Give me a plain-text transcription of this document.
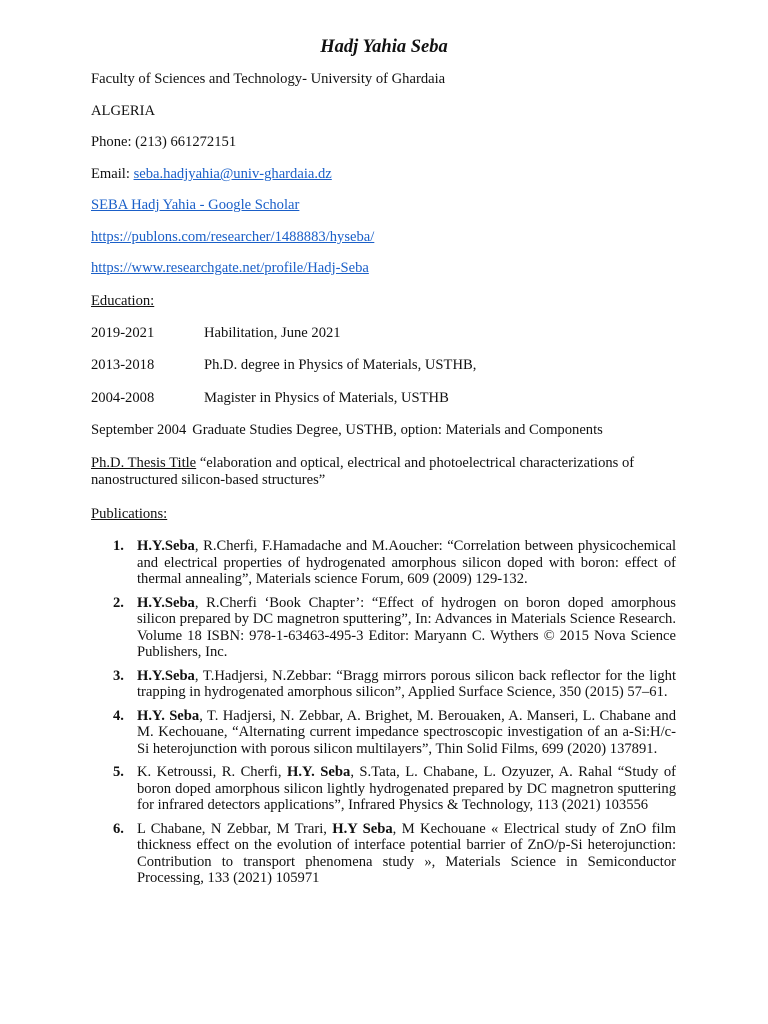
Hadj Yahia Seba
Faculty of Sciences and Technology- University of Ghardaia
ALGERIA
Phone: (213) 661272151
Email: seba.hadjyahia@univ-ghardaia.dz
SEBA Hadj Yahia - Google Scholar
https://publons.com/researcher/1488883/hyseba/
https://www.researchgate.net/profile/Hadj-Seba
Education:
2019-2021	Habilitation, June 2021
2013-2018	Ph.D. degree in Physics of Materials, USTHB,
2004-2008	Magister in Physics of Materials, USTHB
September 2004 Graduate Studies Degree, USTHB, option: Materials and Components
Ph.D. Thesis Title “elaboration and optical, electrical and photoelectrical characterizations of nanostructured silicon-based structures”
Publications:
1. H.Y.Seba, R.Cherfi, F.Hamadache and M.Aoucher: “Correlation between physicochemical and electrical properties of hydrogenated amorphous silicon doped with boron: effect of thermal annealing”, Materials science Forum, 609 (2009) 129-132.
2. H.Y.Seba, R.Cherfi ‘Book Chapter’: “Effect of hydrogen on boron doped amorphous silicon prepared by DC magnetron sputtering”, In: Advances in Materials Science Research. Volume 18 ISBN: 978-1-63463-495-3 Editor: Maryann C. Wythers © 2015 Nova Science Publishers, Inc.
3. H.Y.Seba, T.Hadjersi, N.Zebbar: “Bragg mirrors porous silicon back reflector for the light trapping in hydrogenated amorphous silicon”, Applied Surface Science, 350 (2015) 57–61.
4. H.Y. Seba, T. Hadjersi, N. Zebbar, A. Brighet, M. Berouaken, A. Manseri, L. Chabane and M. Kechouane, “Alternating current impedance spectroscopic investigation of an a-Si:H/c-Si heterojunction with porous silicon multilayers”, Thin Solid Films, 699 (2020) 137891.
5. K. Ketroussi, R. Cherfi, H.Y. Seba, S.Tata, L. Chabane, L. Ozyuzer, A. Rahal “Study of boron doped amorphous silicon lightly hydrogenated prepared by DC magnetron sputtering for infrared detectors applications”, Infrared Physics & Technology, 113 (2021) 103556
6. L Chabane, N Zebbar, M Trari, H.Y Seba, M Kechouane « Electrical study of ZnO film thickness effect on the evolution of interface potential barrier of ZnO/p-Si heterojunction: Contribution to transport phenomena study », Materials Science in Semiconductor Processing, 133 (2021) 105971
